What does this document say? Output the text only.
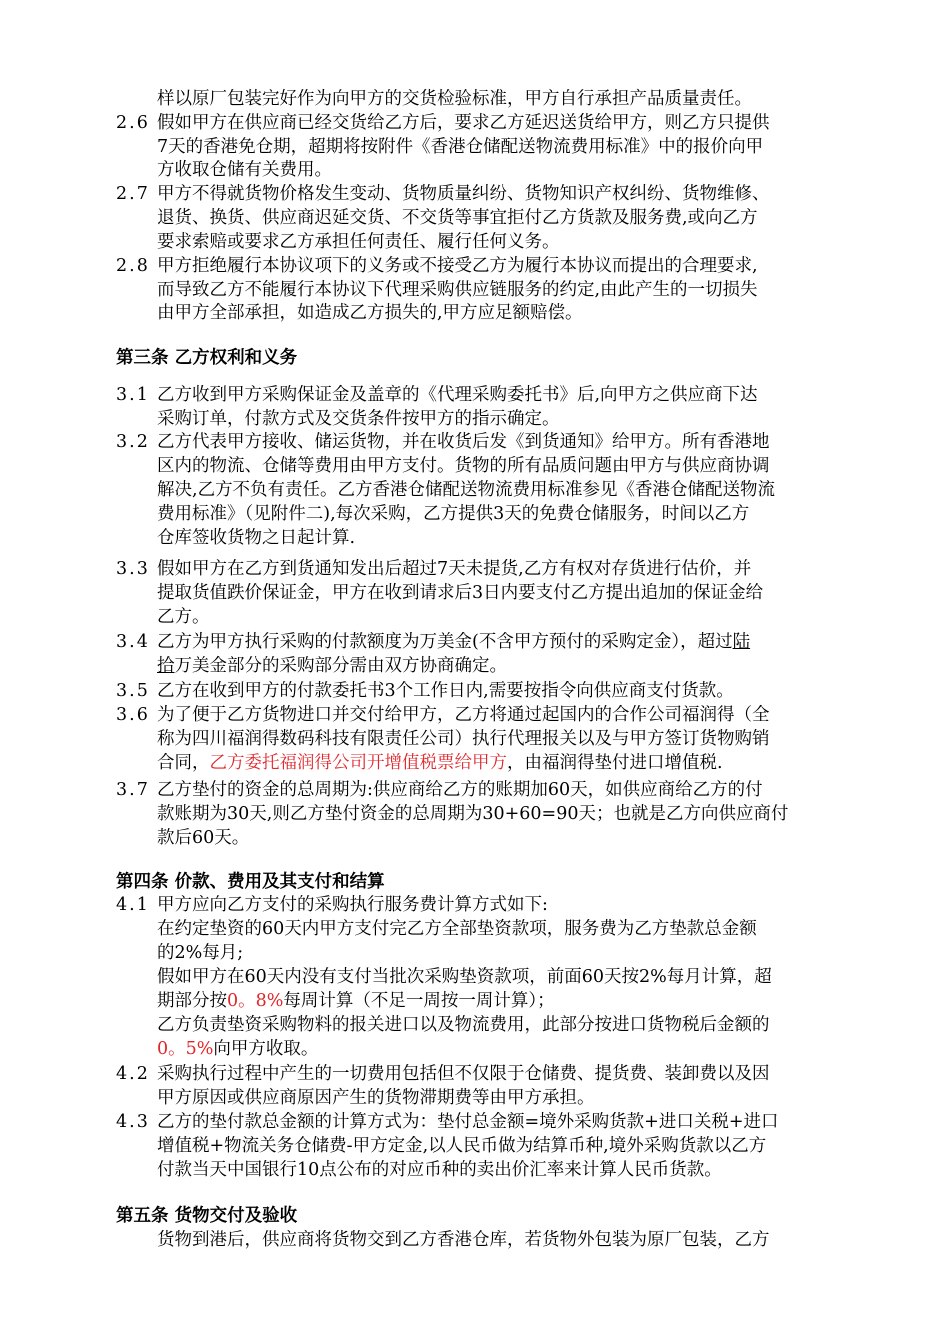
样以原厂包装完好作为向甲方的交货检验标准，甲方自行承担产品质量责任。
2.6 假如甲方在供应商已经交货给乙方后，要求乙方延迟送货给甲方，则乙方只提供
7天的香港免仓期，超期将按附件《香港仓储配送物流费用标准》中的报价向甲
方收取仓储有关费用。
2.7 甲方不得就货物价格发生变动、货物质量纠纷、货物知识产权纠纷、货物维修、
退货、换货、供应商迟延交货、不交货等事宜拒付乙方货款及服务费,或向乙方
要求索赔或要求乙方承担任何责任、履行任何义务。
2.8 甲方拒绝履行本协议项下的义务或不接受乙方为履行本协议而提出的合理要求,
而导致乙方不能履行本协议下代理采购供应链服务的约定,由此产生的一切损失
由甲方全部承担，如造成乙方损失的,甲方应足额赔偿。
第三条 乙方权利和义务
3.1 乙方收到甲方采购保证金及盖章的《代理采购委托书》后,向甲方之供应商下达
采购订单，付款方式及交货条件按甲方的指示确定。
3.2 乙方代表甲方接收、储运货物，并在收货后发《到货通知》给甲方。所有香港地
区内的物流、仓储等费用由甲方支付。货物的所有品质问题由甲方与供应商协调
解决,乙方不负有责任。乙方香港仓储配送物流费用标准参见《香港仓储配送物流
费用标准》（见附件二),每次采购，乙方提供3天的免费仓储服务，时间以乙方
仓库签收货物之日起计算.
3.3 假如甲方在乙方到货通知发出后超过7天未提货,乙方有权对存货进行估价，并
提取货值跌价保证金，甲方在收到请求后3日内要支付乙方提出追加的保证金给
乙方。
3.4 乙方为甲方执行采购的付款额度为万美金(不含甲方预付的采购定金），超过陆
拾万美金部分的采购部分需由双方协商确定。
3.5 乙方在收到甲方的付款委托书3个工作日内,需要按指令向供应商支付货款。
3.6 为了便于乙方货物进口并交付给甲方，乙方将通过起国内的合作公司福润得（全
称为四川福润得数码科技有限责任公司）执行代理报关以及与甲方签订货物购销
合同，乙方委托福润得公司开增值税票给甲方，由福润得垫付进口增值税.
3.7 乙方垫付的资金的总周期为:供应商给乙方的账期加60天，如供应商给乙方的付
款账期为30天,则乙方垫付资金的总周期为30+60=90天；也就是乙方向供应商付
款后60天。
第四条 价款、费用及其支付和结算
4.1 甲方应向乙方支付的采购执行服务费计算方式如下:
在约定垫资的60天内甲方支付完乙方全部垫资款项，服务费为乙方垫款总金额
的2%每月;
假如甲方在60天内没有支付当批次采购垫资款项，前面60天按2%每月计算，超
期部分按0。8%每周计算（不足一周按一周计算）；
乙方负责垫资采购物料的报关进口以及物流费用，此部分按进口货物税后金额的
0。5%向甲方收取。
4.2 采购执行过程中产生的一切费用包括但不仅限于仓储费、提货费、装卸费以及因
甲方原因或供应商原因产生的货物滞期费等由甲方承担。
4.3 乙方的垫付款总金额的计算方式为：垫付总金额=境外采购货款+进口关税+进口
增值税+物流关务仓储费-甲方定金,以人民币做为结算币种,境外采购货款以乙方
付款当天中国银行10点公布的对应币种的卖出价汇率来计算人民币货款。
第五条 货物交付及验收
货物到港后，供应商将货物交到乙方香港仓库，若货物外包装为原厂包装，乙方
